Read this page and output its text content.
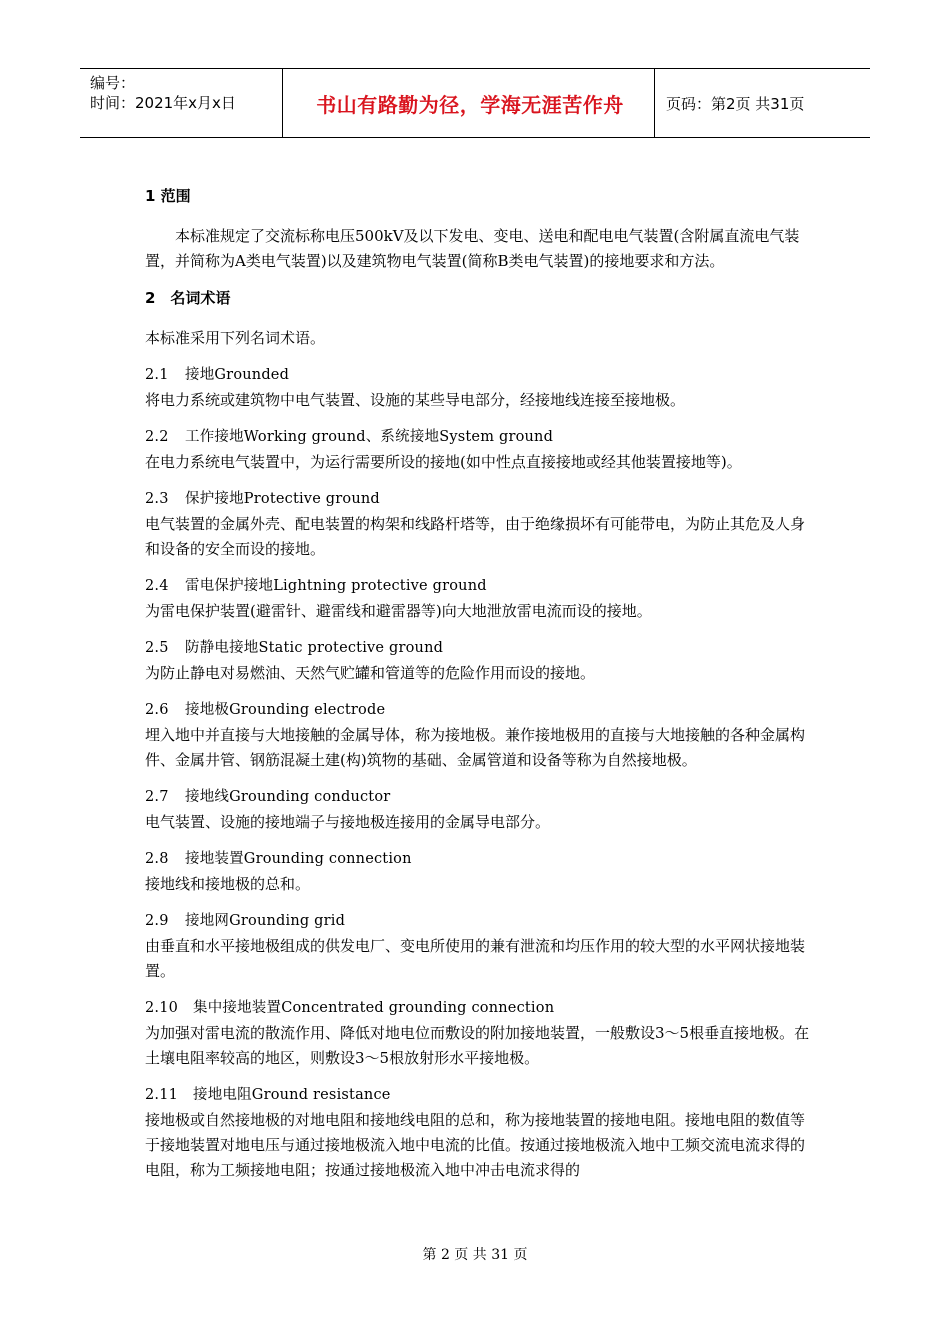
编号：
时间：2021年x月x日	书山有路勤为径，学海无涯苦作舟	页码：第2页 共31页
1 范围
本标准规定了交流标称电压500kV及以下发电、变电、送电和配电电气装置(含附属直流电气装置，并简称为A类电气装置)以及建筑物电气装置(简称B类电气装置)的接地要求和方法。
2　名词术语
本标准采用下列名词术语。
2.1 接地Grounded
将电力系统或建筑物中电气装置、设施的某些导电部分，经接地线连接至接地极。
2.2 工作接地Working ground、系统接地System ground
在电力系统电气装置中，为运行需要所设的接地(如中性点直接接地或经其他装置接地等)。
2.3 保护接地Protective ground
电气装置的金属外壳、配电装置的构架和线路杆塔等，由于绝缘损坏有可能带电，为防止其危及人身和设备的安全而设的接地。
2.4 雷电保护接地Lightning protective ground
为雷电保护装置(避雷针、避雷线和避雷器等)向大地泄放雷电流而设的接地。
2.5 防静电接地Static protective ground
为防止静电对易燃油、天然气贮罐和管道等的危险作用而设的接地。
2.6 接地极Grounding electrode
埋入地中并直接与大地接触的金属导体，称为接地极。兼作接地极用的直接与大地接触的各种金属构件、金属井管、钢筋混凝土建(构)筑物的基础、金属管道和设备等称为自然接地极。
2.7 接地线Grounding conductor
电气装置、设施的接地端子与接地极连接用的金属导电部分。
2.8 接地装置Grounding connection
接地线和接地极的总和。
2.9 接地网Grounding grid
由垂直和水平接地极组成的供发电厂、变电所使用的兼有泄流和均压作用的较大型的水平网状接地装置。
2.10 集中接地装置Concentrated grounding connection
为加强对雷电流的散流作用、降低对地电位而敷设的附加接地装置，一般敷设3～5根垂直接地极。在土壤电阻率较高的地区，则敷设3～5根放射形水平接地极。
2.11 接地电阻Ground resistance
接地极或自然接地极的对地电阻和接地线电阻的总和，称为接地装置的接地电阻。接地电阻的数值等于接地装置对地电压与通过接地极流入地中电流的比值。按通过接地极流入地中工频交流电流求得的电阻，称为工频接地电阻；按通过接地极流入地中冲击电流求得的
第 2 页 共 31 页
